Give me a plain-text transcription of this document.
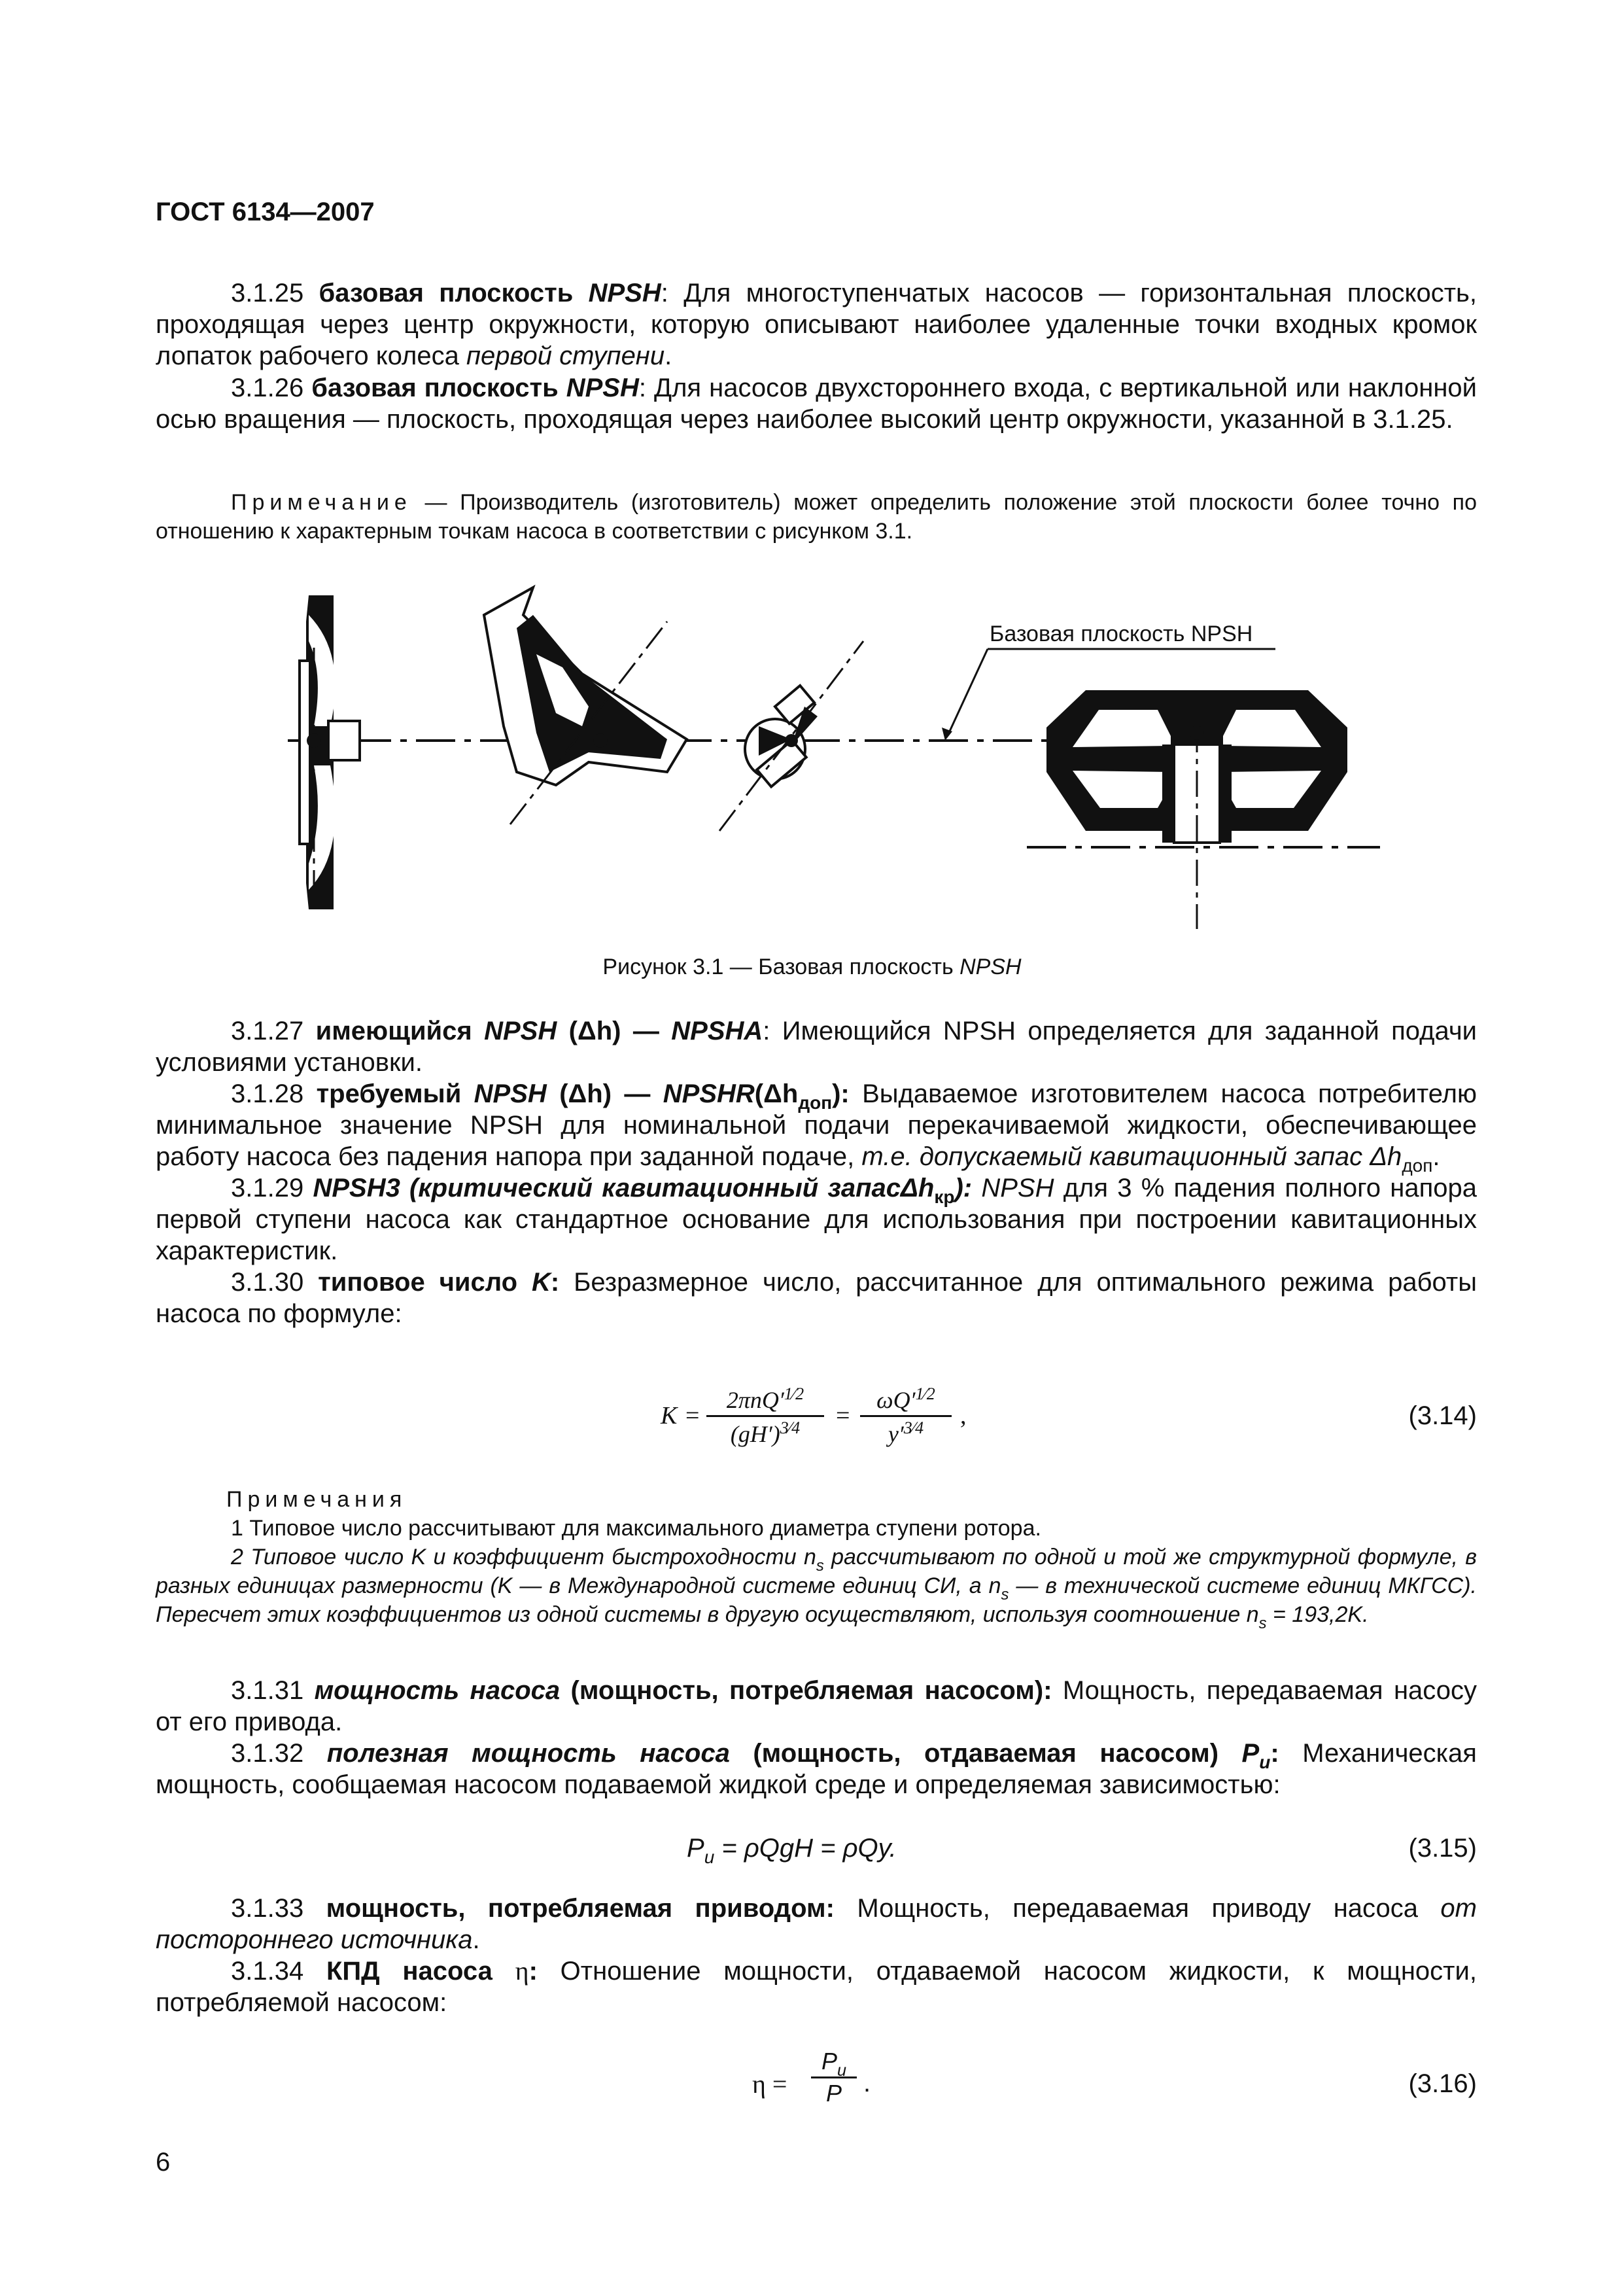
ГОСТ 6134—2007

3.1.25 базовая плоскость NPSH: Для многоступенчатых насосов — горизонтальная плоскость, проходящая через центр окружности, которую описывают наиболее удаленные точки входных кромок лопаток рабочего колеса первой ступени.

3.1.26 базовая плоскость NPSH: Для насосов двухстороннего входа, с вертикальной или наклонной осью вращения — плоскость, проходящая через наиболее высокий центр окружности, указанной в 3.1.25.

Примечание — Производитель (изготовитель) может определить положение этой плоскости более точно по отношению к характерным точкам насоса в соответствии с рисунком 3.1.

Базовая плоскость NPSH
Рисунок 3.1 — Базовая плоскость NPSH

3.1.27 имеющийся NPSH (Δh) — NPSHA: Имеющийся NPSH определяется для заданной подачи условиями установки.

3.1.28 требуемый NPSH (Δh) — $NPSHR(\Delta h_{доп})$: Выдаваемое изготовителем насоса потребителю минимальное значение NPSH для номинальной подачи перекачиваемой жидкости, обеспечивающее работу насоса без падения напора при заданной подаче, т.е. допускаемый кавитационный запас $\Delta h_{доп}$.

3.1.29 NPSH3 (критический кавитационный запасΔh$_{кр}$): NPSH для 3 % падения полного напора первой ступени насоса как стандартное основание для использования при построении кавитационных характеристик.

3.1.30 типовое число K: Безразмерное число, рассчитанное для оптимального режима работы насоса по формуле:

K =
$2\pi nQ'^{1⁄2}$
$(gH')^{3⁄4}$	=
$\omega Q'^{1⁄2}$
$y'^{3⁄4}$	,	(3.14)

Примечания

1 Типовое число рассчитывают для максимального диаметра ступени ротора.

2 Типовое число K и коэффициент быстроходности $n_s$ рассчитывают по одной и той же структурной формуле, в разных единицах размерности (K — в Международной системе единиц СИ, а $n_s$ — в технической системе единиц МКГСС). Пересчет этих коэффициентов из одной системы в другую осуществляют, используя соотношение $n_s = 193,2K$.

3.1.31 мощность насоса (мощность, потребляемая насосом): Мощность, передаваемая насосу от его привода.

3.1.32 полезная мощность насоса (мощность, отдаваемая насосом) $P_u$: Механическая мощность, сообщаемая насосом подаваемой жидкой среде и определяемая зависимостью:

$P_u = \rho QgH = \rho Qy$.	(3.15)

3.1.33 мощность, потребляемая приводом: Мощность, передаваемая приводу насоса от постороннего источника.

3.1.34 КПД насоса η: Отношение мощности, отдаваемой насосом жидкости, к мощности, потребляемой насосом:

η =
$P_u$
P .	(3.16)
6
